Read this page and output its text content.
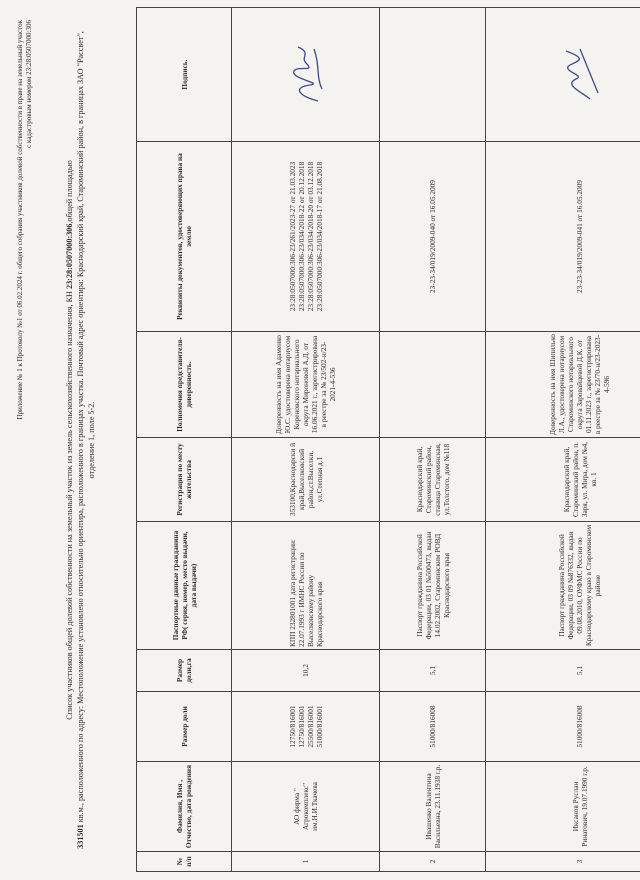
Приложение № 1 к Протоколу №1 от 06.02.2024 г. общего собрания участников долевой собственности в праве на земельный участок с кадастровым номером 23:28:0507000:306
Список участников общей долевой собственности на земельный участок из земель сельскохозяйственного назначения, КН 23:28:0507000:306,общей площадью
331501 кв.м., расположенного по адресу: Местоположение установлено относительно ориентира, расположенного в границах участка. Почтовый адрес ориентира: Краснодарский край, Староминский район, в границах ЗАО "Рассвет", отделение 1, поле 5-2.
№ п/п	Фамилия, Имя , Отчество, дата рождения	Размер доли	Размер доли,га	Паспортные данные гражданина РФ( серия, номер, место выдачи, дата выдачи)	Регистрация по месту жительства	Полномочия представителя-доверенность.	Реквизиты документов, удостоверяющих права на землю	Подпись.
1	АО фирма " Агрокомплекс" им.Н.И.Ткачева	12750/816001
12750/816001
25500/816001
51000/816001	10,2	КПП 232801001 дата регистрации: 22.07.1993 г ИМНС России по Выселковскому району Краснодарского края	353100,Краснодарски й край,Выселковский район,ст.Выселки, ул.Степная д.1	Доверенность на имя Адаменко Ю.С. удостоверена нотариусом Кореновского нотариального округа Мироновой А.Д. от 16.06.2021 г., зарегистрирована в реестре за № 23/502-н/23-2021-4-536	23:28:0507000:306-23/261/2023-27 от 21.03.2023 23:28:0507000:306-23/034/2018-22 от 20.12.2018 23:28:0507000:306-23/034/2018-20 от 03.12.2018 23:28:0507000:306-23/034/2018-17 от 21.08.2018	

2	Ивашенко Валентина Васильевна, 23.11.1938 г.р.	51000/816008	5,1	Паспорт гражданина Российской Федерации, 03 01 №500473, выдан 14.02.2002, Староминским РОВД Краснодарского края	Краснодарский край, Староминский район, станица Староминская, ул.Толстого, дом №118		23-23-34/019/2009-040 от 16.05.2009	
3	Иксанов Руслан Ринатович, 19.07.1990 г.р.	51000/816008	5,1	Паспорт гражданина Российской Федерации, 03 09 №876332, выдан 09.08.2010, ОУФМС России по Краснодарскому краю в Староминском районе	Краснодарский край, Староминский район, п. Заря, ул. Мира, дом №4, кв. 1	Доверенность на имя Шипилько Л.А., удостоверена нотариусом Староминского нотариального округа Заровайцевой Д.К. от 01.11.2023 г., зарегистрирована в реестре за № 23/70-н/23-2023-4-596	23-23-34/019/2009-041 от 16.05.2009	
